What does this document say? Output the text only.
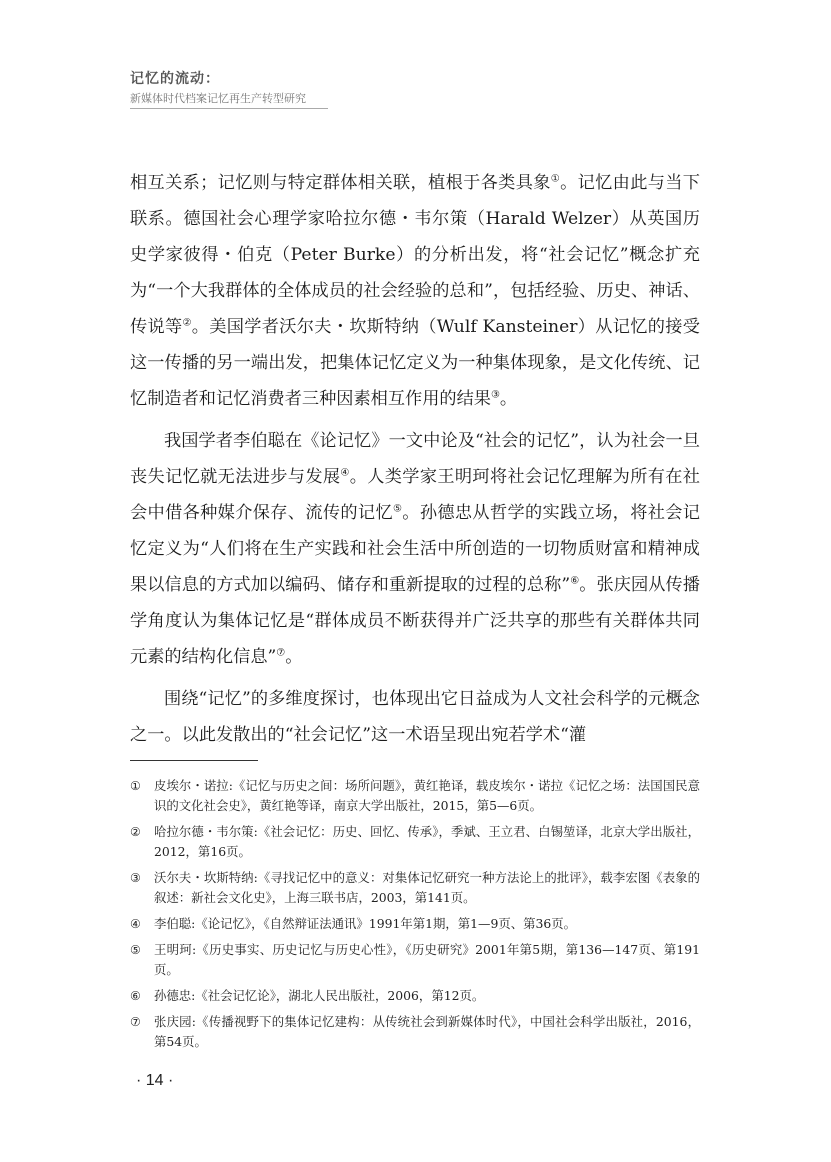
记忆的流动：
新媒体时代档案记忆再生产转型研究

相互关系；记忆则与特定群体相关联，植根于各类具象①。记忆由此与当下联系。德国社会心理学家哈拉尔德・韦尔策（Harald Welzer）从英国历史学家彼得・伯克（Peter Burke）的分析出发，将“社会记忆”概念扩充为“一个大我群体的全体成员的社会经验的总和”，包括经验、历史、神话、传说等②。美国学者沃尔夫・坎斯特纳（Wulf Kansteiner）从记忆的接受这一传播的另一端出发，把集体记忆定义为一种集体现象，是文化传统、记忆制造者和记忆消费者三种因素相互作用的结果③。

我国学者李伯聪在《论记忆》一文中论及“社会的记忆”，认为社会一旦丧失记忆就无法进步与发展④。人类学家王明珂将社会记忆理解为所有在社会中借各种媒介保存、流传的记忆⑤。孙德忠从哲学的实践立场，将社会记忆定义为“人们将在生产实践和社会生活中所创造的一切物质财富和精神成果以信息的方式加以编码、储存和重新提取的过程的总称”⑥。张庆园从传播学角度认为集体记忆是“群体成员不断获得并广泛共享的那些有关群体共同元素的结构化信息”⑦。

围绕“记忆”的多维度探讨，也体现出它日益成为人文社会科学的元概念之一。以此发散出的“社会记忆”这一术语呈现出宛若学术“灌

①	皮埃尔・诺拉:《记忆与历史之间：场所问题》，黄红艳译，载皮埃尔・诺拉《记忆之场：法国国民意识的文化社会史》，黄红艳等译，南京大学出版社，2015，第5—6页。
②	哈拉尔德・韦尔策:《社会记忆：历史、回忆、传承》，季斌、王立君、白锡堃译，北京大学出版社，2012，第16页。
③	沃尔夫・坎斯特纳:《寻找记忆中的意义：对集体记忆研究一种方法论上的批评》，载李宏图《表象的叙述：新社会文化史》，上海三联书店，2003，第141页。
④	李伯聪:《论记忆》，《自然辩证法通讯》1991年第1期，第1—9页、第36页。
⑤	王明珂:《历史事实、历史记忆与历史心性》，《历史研究》2001年第5期，第136—147页、第191页。
⑥	孙德忠:《社会记忆论》，湖北人民出版社，2006，第12页。
⑦	张庆园:《传播视野下的集体记忆建构：从传统社会到新媒体时代》，中国社会科学出版社，2016，第54页。
· 14 ·
